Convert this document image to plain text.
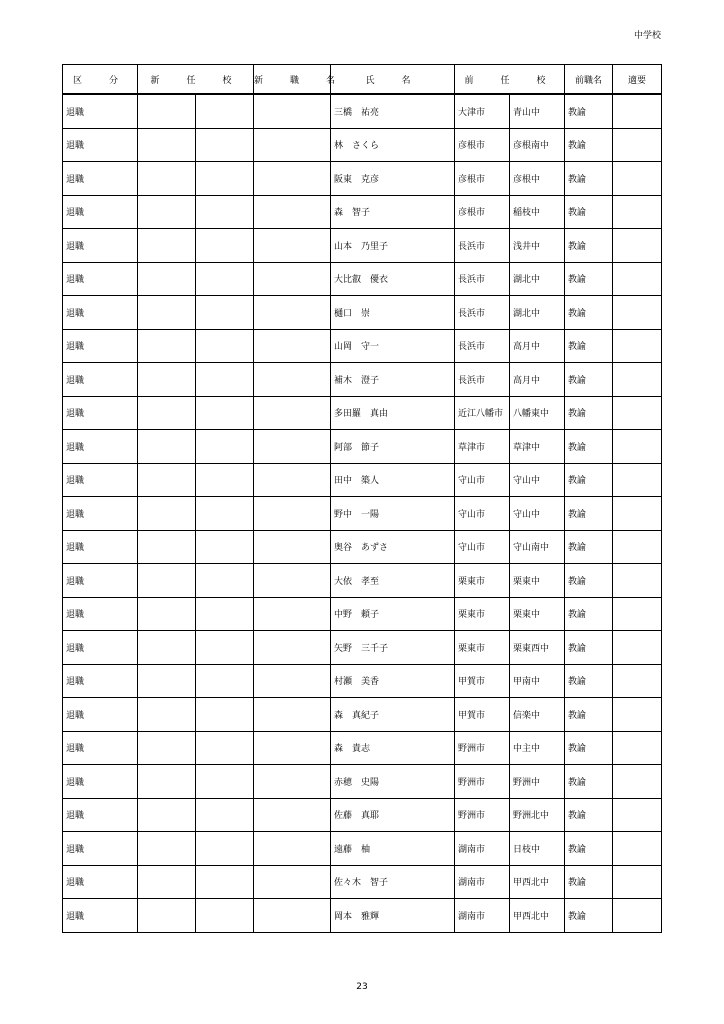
中学校
区　分	新　任　校		新　職　名	氏　名	前　任　校		前職名	適要
退職				三橋　祐亮	大津市	青山中	教諭	
退職				林　さくら	彦根市	彦根南中	教諭	
退職				阪東　克彦	彦根市	彦根中	教諭	
退職				森　智子	彦根市	稲枝中	教諭	
退職				山本　乃里子	長浜市	浅井中	教諭	
退職				大比叡　優衣	長浜市	湖北中	教諭	
退職				樋口　崇	長浜市	湖北中	教諭	
退職				山岡　守一	長浜市	高月中	教諭	
退職				補木　澄子	長浜市	高月中	教諭	
退職				多田羅　真由	近江八幡市	八幡東中	教諭	
退職				阿部　節子	草津市	草津中	教諭	
退職				田中　築人	守山市	守山中	教諭	
退職				野中　一陽	守山市	守山中	教諭	
退職				奥谷　あずさ	守山市	守山南中	教諭	
退職				大依　孝至	栗東市	栗東中	教諭	
退職				中野　頼子	栗東市	栗東中	教諭	
退職				矢野　三千子	栗東市	栗東西中	教諭	
退職				村瀬　美香	甲賀市	甲南中	教諭	
退職				森　真紀子	甲賀市	信楽中	教諭	
退職				森　貴志	野洲市	中主中	教諭	
退職				赤穂　史陽	野洲市	野洲中	教諭	
退職				佐藤　真耶	野洲市	野洲北中	教諭	
退職				遠藤　柚	湖南市	日枝中	教諭	
退職				佐々木　智子	湖南市	甲西北中	教諭	
退職				岡本　雅輝	湖南市	甲西北中	教諭	
23
